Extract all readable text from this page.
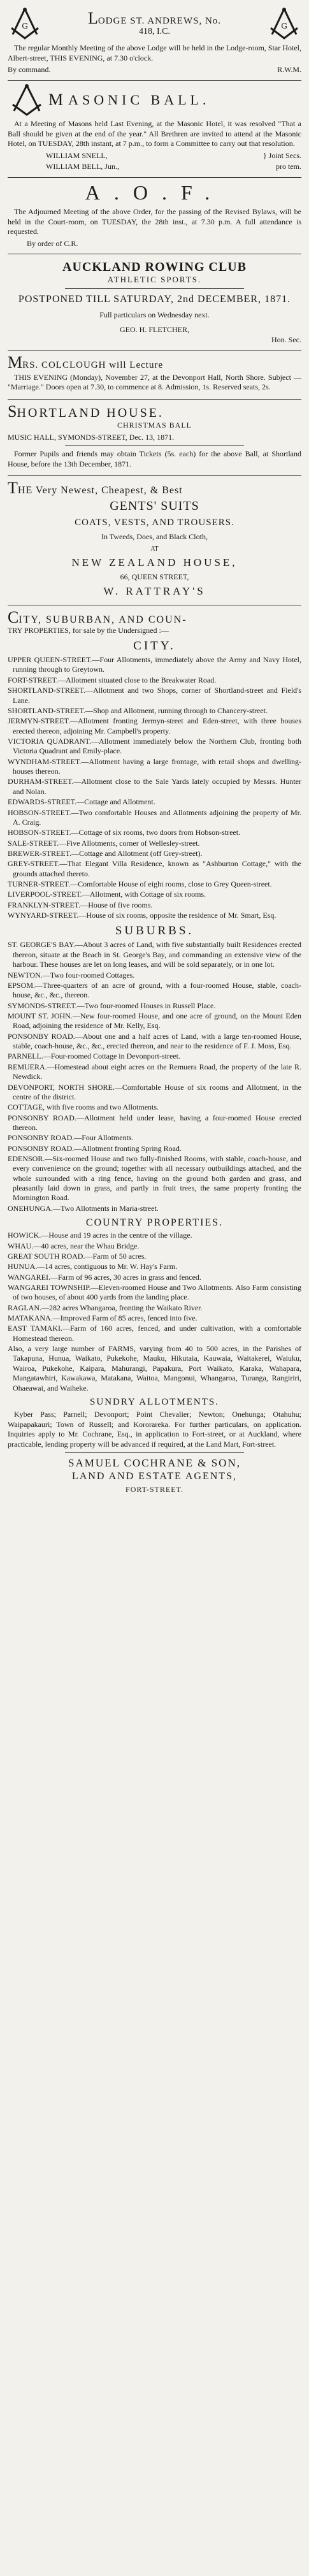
G	LODGE ST. ANDREWS, No.
418, I.C.
G

The regular Monthly Meeting of the above Lodge will be held in the Lodge-room, Star Hotel, Albert-street, THIS EVENING, at 7.30 o'clock.

By command.	R.W.M.
M ASONIC BALL.

At a Meeting of Masons held Last Evening, at the Masonic Hotel, it was resolved "That a Ball should be given at the end of the year." All Brethren are invited to attend at the Masonic Hotel, on TUESDAY, 28th instant, at 7 p.m., to form a Committee to carry out that resolution.

WILLIAM SNELL,	} Joint Secs.
WILLIAM BELL, Jun.,	pro tem.
A.O.F.

The Adjourned Meeting of the above Order, for the passing of the Revised Bylaws, will be held in the Court-room, on TUESDAY, the 28th inst., at 7.30 p.m. A full attendance is requested.

By order of C.R.

AUCKLAND ROWING CLUB
ATHLETIC SPORTS.
POSTPONED TILL SATURDAY, 2nd DECEMBER, 1871.
Full particulars on Wednesday next.
GEO. H. FLETCHER,
Hon. Sec.
MRS. COLCLOUGH will Lecture

THIS EVENING (Monday), November 27, at the Devonport Hall, North Shore. Subject — "Marriage." Doors open at 7.30, to commence at 8. Admission, 1s. Reserved seats, 2s.

SHORTLAND HOUSE.
CHRISTMAS BALL
MUSIC HALL, SYMONDS-STREET, Dec. 13, 1871.

Former Pupils and friends may obtain Tickets (5s. each) for the above Ball, at Shortland House, before the 13th December, 1871.

THE Very Newest, Cheapest, & Best
GENTS' SUITS
COATS, VESTS, AND TROUSERS.
In Tweeds, Does, and Black Cloth,
AT
NEW ZEALAND HOUSE,
66, QUEEN STREET,
W. RATTRAY'S
CITY, SUBURBAN, AND COUN-
TRY PROPERTIES, for sale by the Undersigned :—
CITY.

UPPER QUEEN-STREET.—Four Allotments, immediately above the Army and Navy Hotel, running through to Greytown.

FORT-STREET.—Allotment situated close to the Breakwater Road.

SHORTLAND-STREET.—Allotment and two Shops, corner of Shortland-street and Field's Lane.

SHORTLAND-STREET.—Shop and Allotment, running through to Chancery-street.

JERMYN-STREET.—Allotment fronting Jermyn-street and Eden-street, with three houses erected thereon, adjoining Mr. Campbell's property.

VICTORIA QUADRANT.—Allotment immediately below the Northern Club, fronting both Victoria Quadrant and Emily-place.

WYNDHAM-STREET.—Allotment having a large frontage, with retail shops and dwelling-houses thereon.

DURHAM-STREET.—Allotment close to the Sale Yards lately occupied by Messrs. Hunter and Nolan.

EDWARDS-STREET.—Cottage and Allotment.

HOBSON-STREET.—Two comfortable Houses and Allotments adjoining the property of Mr. A. Craig.

HOBSON-STREET.—Cottage of six rooms, two doors from Hobson-street.

SALE-STREET.—Five Allotments, corner of Wellesley-street.

BREWER-STREET.—Cottage and Allotment (off Grey-street).

GREY-STREET.—That Elegant Villa Residence, known as "Ashburton Cottage," with the grounds attached thereto.

TURNER-STREET.—Comfortable House of eight rooms, close to Grey Queen-street.

LIVERPOOL-STREET.—Allotment, with Cottage of six rooms.

FRANKLYN-STREET.—House of five rooms.

WYNYARD-STREET.—House of six rooms, opposite the residence of Mr. Smart, Esq.

SUBURBS.

ST. GEORGE'S BAY.—About 3 acres of Land, with five substantially built Residences erected thereon, situate at the Beach in St. George's Bay, and commanding an extensive view of the harbour. These houses are let on long leases, and will be sold separately, or in one lot.

NEWTON.—Two four-roomed Cottages.

EPSOM.—Three-quarters of an acre of ground, with a four-roomed House, stable, coach-house, &c., &c., thereon.

SYMONDS-STREET.—Two four-roomed Houses in Russell Place.

MOUNT ST. JOHN.—New four-roomed House, and one acre of ground, on the Mount Eden Road, adjoining the residence of Mr. Kelly, Esq.

PONSONBY ROAD.—About one and a half acres of Land, with a large ten-roomed House, stable, coach-house, &c., &c., erected thereon, and near to the residence of F. J. Moss, Esq.

PARNELL.—Four-roomed Cottage in Devonport-street.

REMUERA.—Homestead about eight acres on the Remuera Road, the property of the late R. Newdick.

DEVONPORT, NORTH SHORE.—Comfortable House of six rooms and Allotment, in the centre of the district.

COTTAGE, with five rooms and two Allotments.

PONSONBY ROAD.—Allotment held under lease, having a four-roomed House erected thereon.

PONSONBY ROAD.—Four Allotments.

PONSONBY ROAD.—Allotment fronting Spring Road.

EDENSOR.—Six-roomed House and two fully-finished Rooms, with stable, coach-house, and every convenience on the ground; together with all necessary outbuildings attached, and the whole surrounded with a ring fence, having on the ground both garden and grass, and pleasantly laid down in grass, and partly in fruit trees, the same property fronting the Mornington Road.

ONEHUNGA.—Two Allotments in Maria-street.

COUNTRY PROPERTIES.

HOWICK.—House and 19 acres in the centre of the village.

WHAU.—40 acres, near the Whau Bridge.

GREAT SOUTH ROAD.—Farm of 50 acres.

HUNUA.—14 acres, contiguous to Mr. W. Hay's Farm.

WANGAREI.—Farm of 96 acres, 30 acres in grass and fenced.

WANGAREI TOWNSHIP.—Eleven-roomed House and Two Allotments. Also Farm consisting of two houses, of about 400 yards from the landing place.

RAGLAN.—282 acres Whangaroa, fronting the Waikato River.

MATAKANA.—Improved Farm of 85 acres, fenced into five.

EAST TAMAKI.—Farm of 160 acres, fenced, and under cultivation, with a comfortable Homestead thereon.

Also, a very large number of FARMS, varying from 40 to 500 acres, in the Parishes of Takapuna, Hunua, Waikato, Pukekohe, Mauku, Hikutaia, Kauwaia, Waitakerei, Waiuku, Wairoa, Pukekohe, Kaipara, Mahurangi, Papakura, Port Waikato, Karaka, Wahapara, Mangatawhiri, Kawakawa, Matakana, Waitoa, Mangonui, Whangaroa, Turanga, Rangiriri, Ohaeawai, and Waiheke.

SUNDRY ALLOTMENTS.

Kyber Pass; Parnell; Devonport; Point Chevalier; Newton; Onehunga; Otahuhu; Waipapakauri; Town of Russell; and Kororareka. For further particulars, on application. Inquiries apply to Mr. Cochrane, Esq., in application to Fort-street, or at Auckland, where practicable, lending property will be advanced if required, at the Land Mart, Fort-street.

SAMUEL COCHRANE & SON,
LAND AND ESTATE AGENTS,
FORT-STREET.
